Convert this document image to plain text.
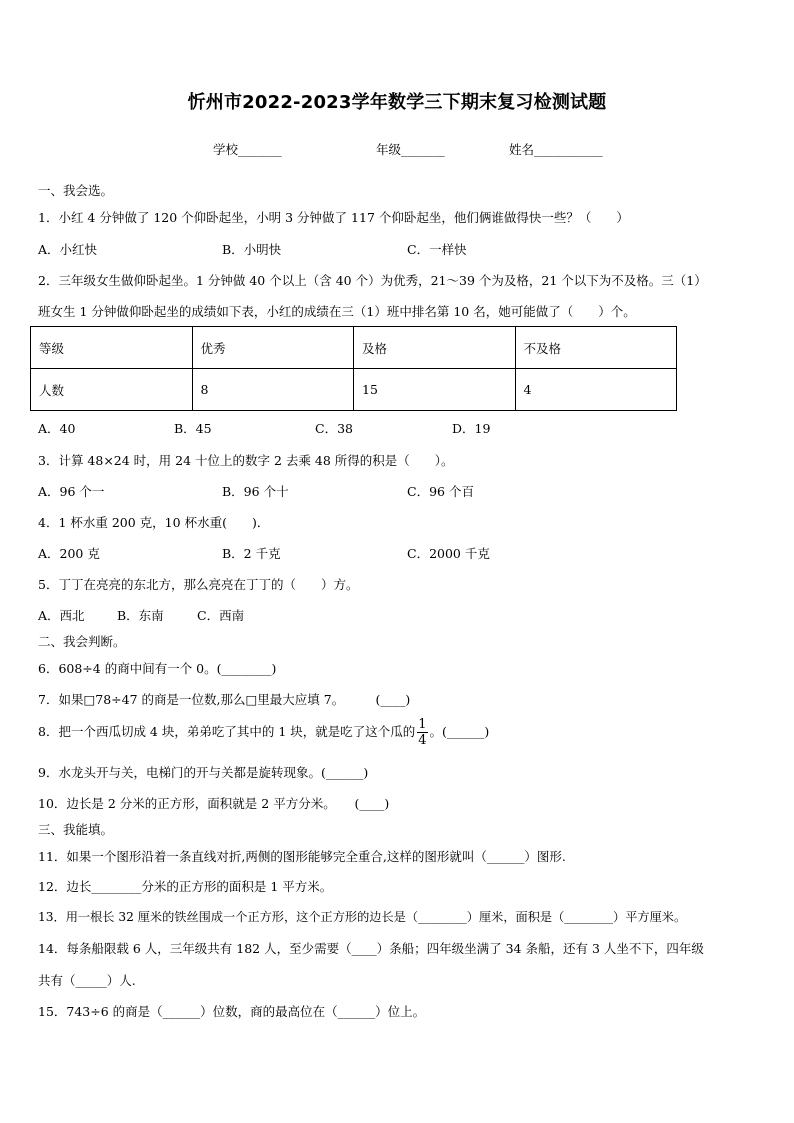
忻州市2022-2023学年数学三下期末复习检测试题
学校_______	年级_______	姓名___________
一、我会选。
1．小红 4 分钟做了 120 个仰卧起坐，小明 3 分钟做了 117 个仰卧起坐，他们俩谁做得快一些？（　　）
A．小红快	B．小明快	C．一样快
2．三年级女生做仰卧起坐。1 分钟做 40 个以上（含 40 个）为优秀，21～39 个为及格，21 个以下为不及格。三（1）
班女生 1 分钟做仰卧起坐的成绩如下表，小红的成绩在三（1）班中排名第 10 名，她可能做了（　　）个。
等级	优秀	及格	不及格
人数	8	15	4
A．40	B．45	C．38	D．19
3．计算 48×24 时，用 24 十位上的数字 2 去乘 48 所得的积是（　　）。
A．96 个一	B．96 个十	C．96 个百
4．1 杯水重 200 克，10 杯水重(　　)．
A．200 克	B．2 千克	C．2000 千克
5．丁丁在亮亮的东北方，那么亮亮在丁丁的（　　）方。
A．西北	B．东南	C．西南
二、我会判断。
6．608÷4 的商中间有一个 0。(________)
7．如果□78÷47 的商是一位数,那么□里最大应填 7。　　　(____)
8．把一个西瓜切成 4 块，弟弟吃了其中的 1 块，就是吃了这个瓜的 $\frac{1}{4}$ 。(______)
9．水龙头开与关，电梯门的开与关都是旋转现象。(______)
10．边长是 2 分米的正方形，面积就是 2 平方分米。　　(____)
三、我能填。
11．如果一个图形沿着一条直线对折,两侧的图形能够完全重合,这样的图形就叫（______）图形.
12．边长________分米的正方形的面积是 1 平方米。
13．用一根长 32 厘米的铁丝围成一个正方形，这个正方形的边长是（________）厘米，面积是（________）平方厘米。
14．每条船限载 6 人，三年级共有 182 人，至少需要（____）条船；四年级坐满了 34 条船，还有 3 人坐不下，四年级
共有（_____）人.
15．743÷6 的商是（______）位数，商的最高位在（______）位上。
